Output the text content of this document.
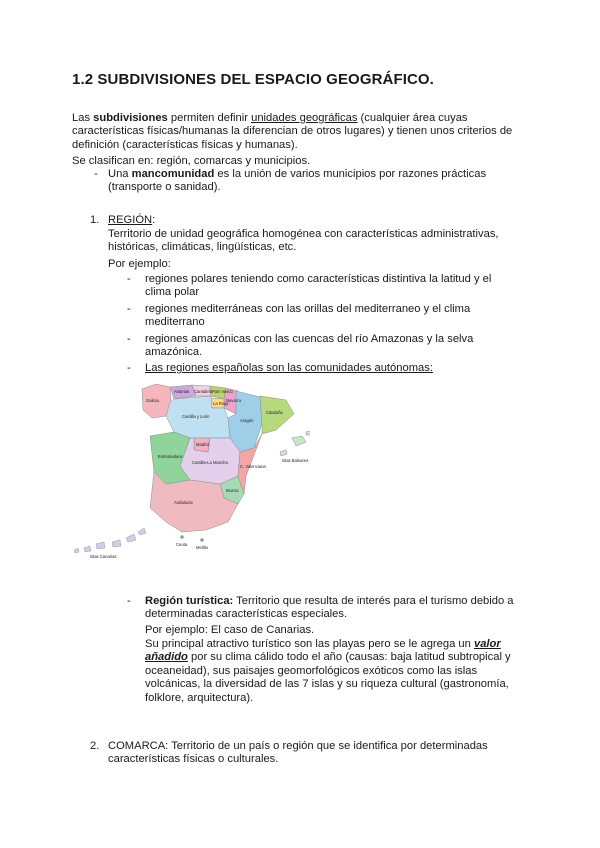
1.2 SUBDIVISIONES DEL ESPACIO GEOGRÁFICO.
Las subdivisiones permiten definir unidades geográficas (cualquier área cuyas características físicas/humanas la diferencian de otros lugares) y tienen unos criterios de definición (características físicas y humanas).
Se clasifican en: región, comarcas y municipios.
- Una mancomunidad es la unión de varios municipios por razones prácticas (transporte o sanidad).
1. REGIÓN:
Territorio de unidad geográfica homogénea con características administrativas, históricas, climáticas, lingüísticas, etc.
Por ejemplo:
- regiones polares teniendo como características distintiva la latitud y el clima polar
- regiones mediterráneas con las orillas del mediterraneo y el clima mediterrano
- regiones amazónicas con las cuencas del río Amazonas y la selva amazónica.
- Las regiones españolas son las comunidades autónomas:
Galicia
Asturias Cantabria País Vasco
Navarra
La Rioja
Aragón
Cataluña
Castilla y León
Madrid
Castilla-La Mancha
Extremadura
C. Valenciana
Murcia
Andalucía
Islas Baleares
Islas Canarias
Ceuta
Melilla
- Región turística: Territorio que resulta de interés para el turismo debido a determinadas características especiales.
Por ejemplo: El caso de Canarias.
Su principal atractivo turístico son las playas pero se le agrega un valor añadido por su clima cálido todo el año (causas: baja latitud subtropical y oceaneidad), sus paisajes geomorfológicos exóticos como las islas volcánicas, la diversidad de las 7 islas y su riqueza cultural (gastronomía, folklore, arquitectura).
2. COMARCA: Territorio de un país o región que se identifica por determinadas características físicas o culturales.
